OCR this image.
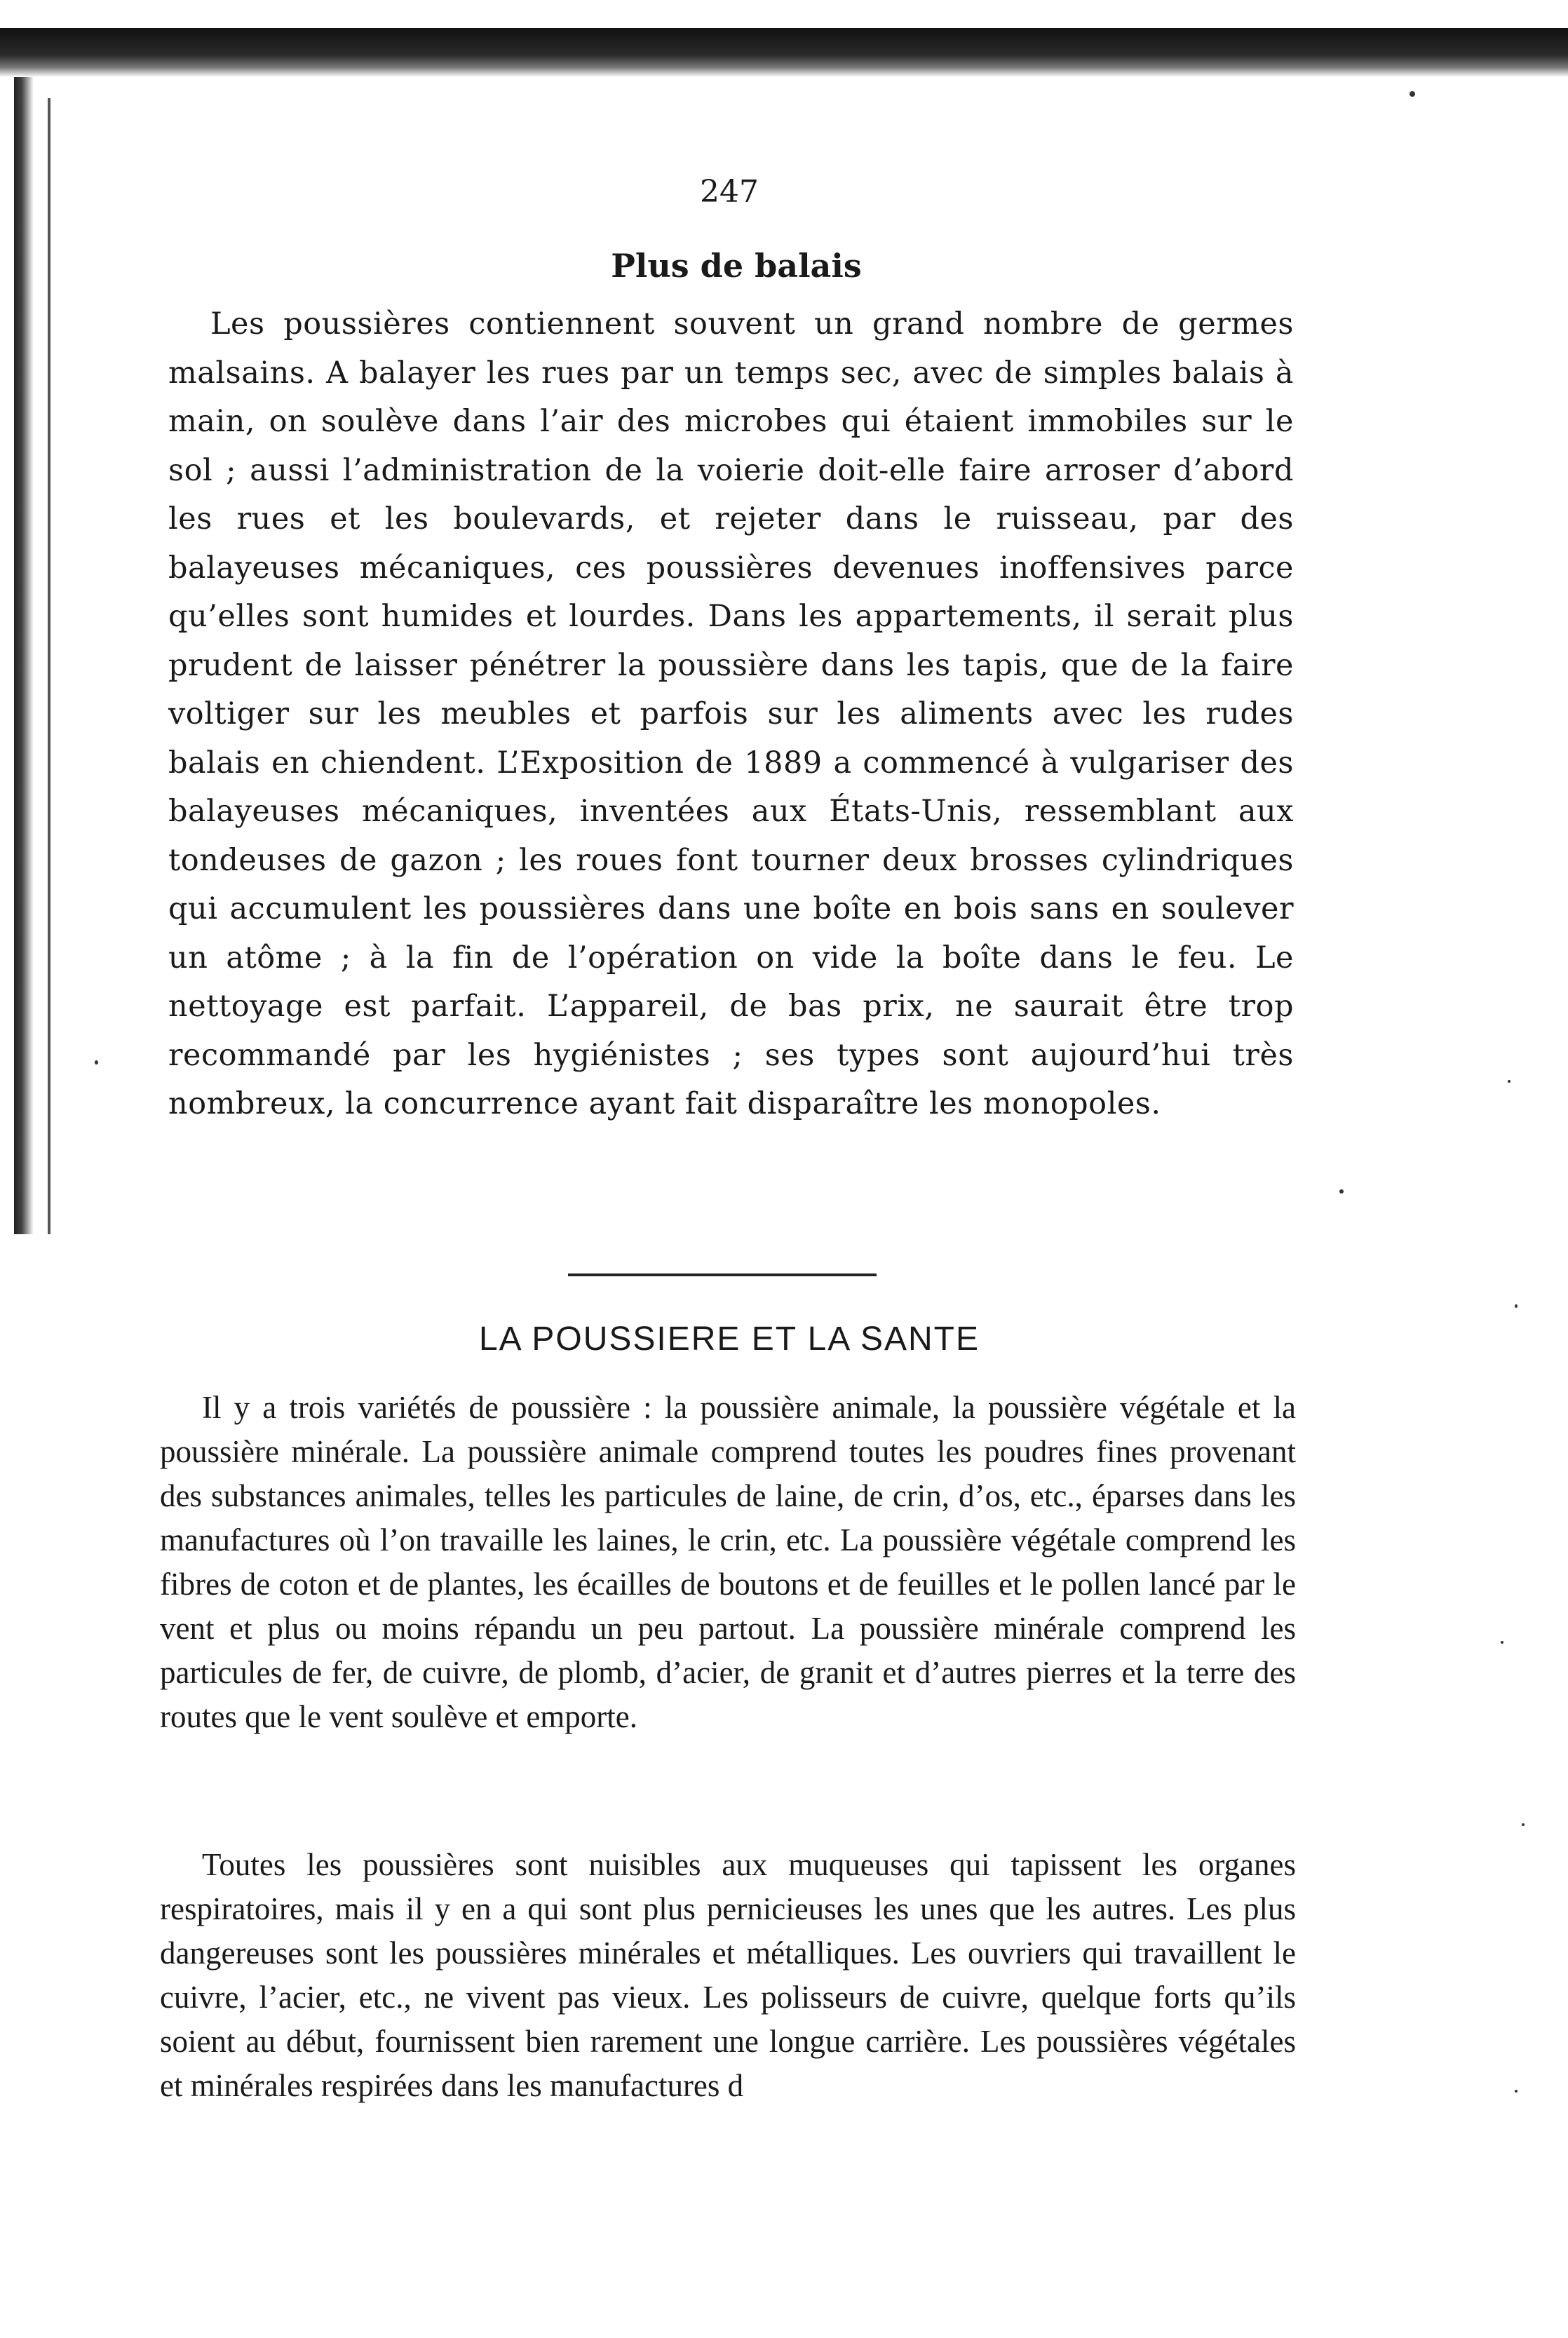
247
Plus de balais

Les poussières contiennent souvent un grand nombre de germes malsains. A balayer les rues par un temps sec, avec de simples balais à main, on soulève dans l’air des microbes qui étaient immobiles sur le sol ; aussi l’administration de la voierie doit-elle faire arroser d’abord les rues et les boulevards, et rejeter dans le ruisseau, par des balayeuses mécaniques, ces poussières devenues inoffensives parce qu’elles sont humides et lourdes. Dans les appartements, il serait plus prudent de laisser pénétrer la poussière dans les tapis, que de la faire voltiger sur les meubles et parfois sur les aliments avec les rudes balais en chiendent. L’Exposition de 1889 a commencé à vulgariser des balayeuses mécaniques, inventées aux États-Unis, ressemblant aux tondeuses de gazon ; les roues font tourner deux brosses cylindriques qui accumulent les poussières dans une boîte en bois sans en soulever un atôme ; à la fin de l’opération on vide la boîte dans le feu. Le nettoyage est parfait. L’appareil, de bas prix, ne saurait être trop recommandé par les hygiénistes ; ses types sont aujourd’hui très nombreux, la concurrence ayant fait disparaître les monopoles.

LA POUSSIERE ET LA SANTE

Il y a trois variétés de poussière : la poussière animale, la poussière végétale et la poussière minérale. La poussière animale comprend toutes les poudres fines provenant des substances animales, telles les particules de laine, de crin, d’os, etc., éparses dans les manufactures où l’on travaille les laines, le crin, etc. La poussière végétale comprend les fibres de coton et de plantes, les écailles de boutons et de feuilles et le pollen lancé par le vent et plus ou moins répandu un peu partout. La poussière minérale comprend les particules de fer, de cuivre, de plomb, d’acier, de granit et d’autres pierres et la terre des routes que le vent soulève et emporte.

Toutes les poussières sont nuisibles aux muqueuses qui tapissent les organes respiratoires, mais il y en a qui sont plus pernicieuses les unes que les autres. Les plus dangereuses sont les poussières minérales et métalliques. Les ouvriers qui travaillent le cuivre, l’acier, etc., ne vivent pas vieux. Les polisseurs de cuivre, quelque forts qu’ils soient au début, fournissent bien rarement une longue carrière. Les poussières végétales et minérales respirées dans les manufactures d
